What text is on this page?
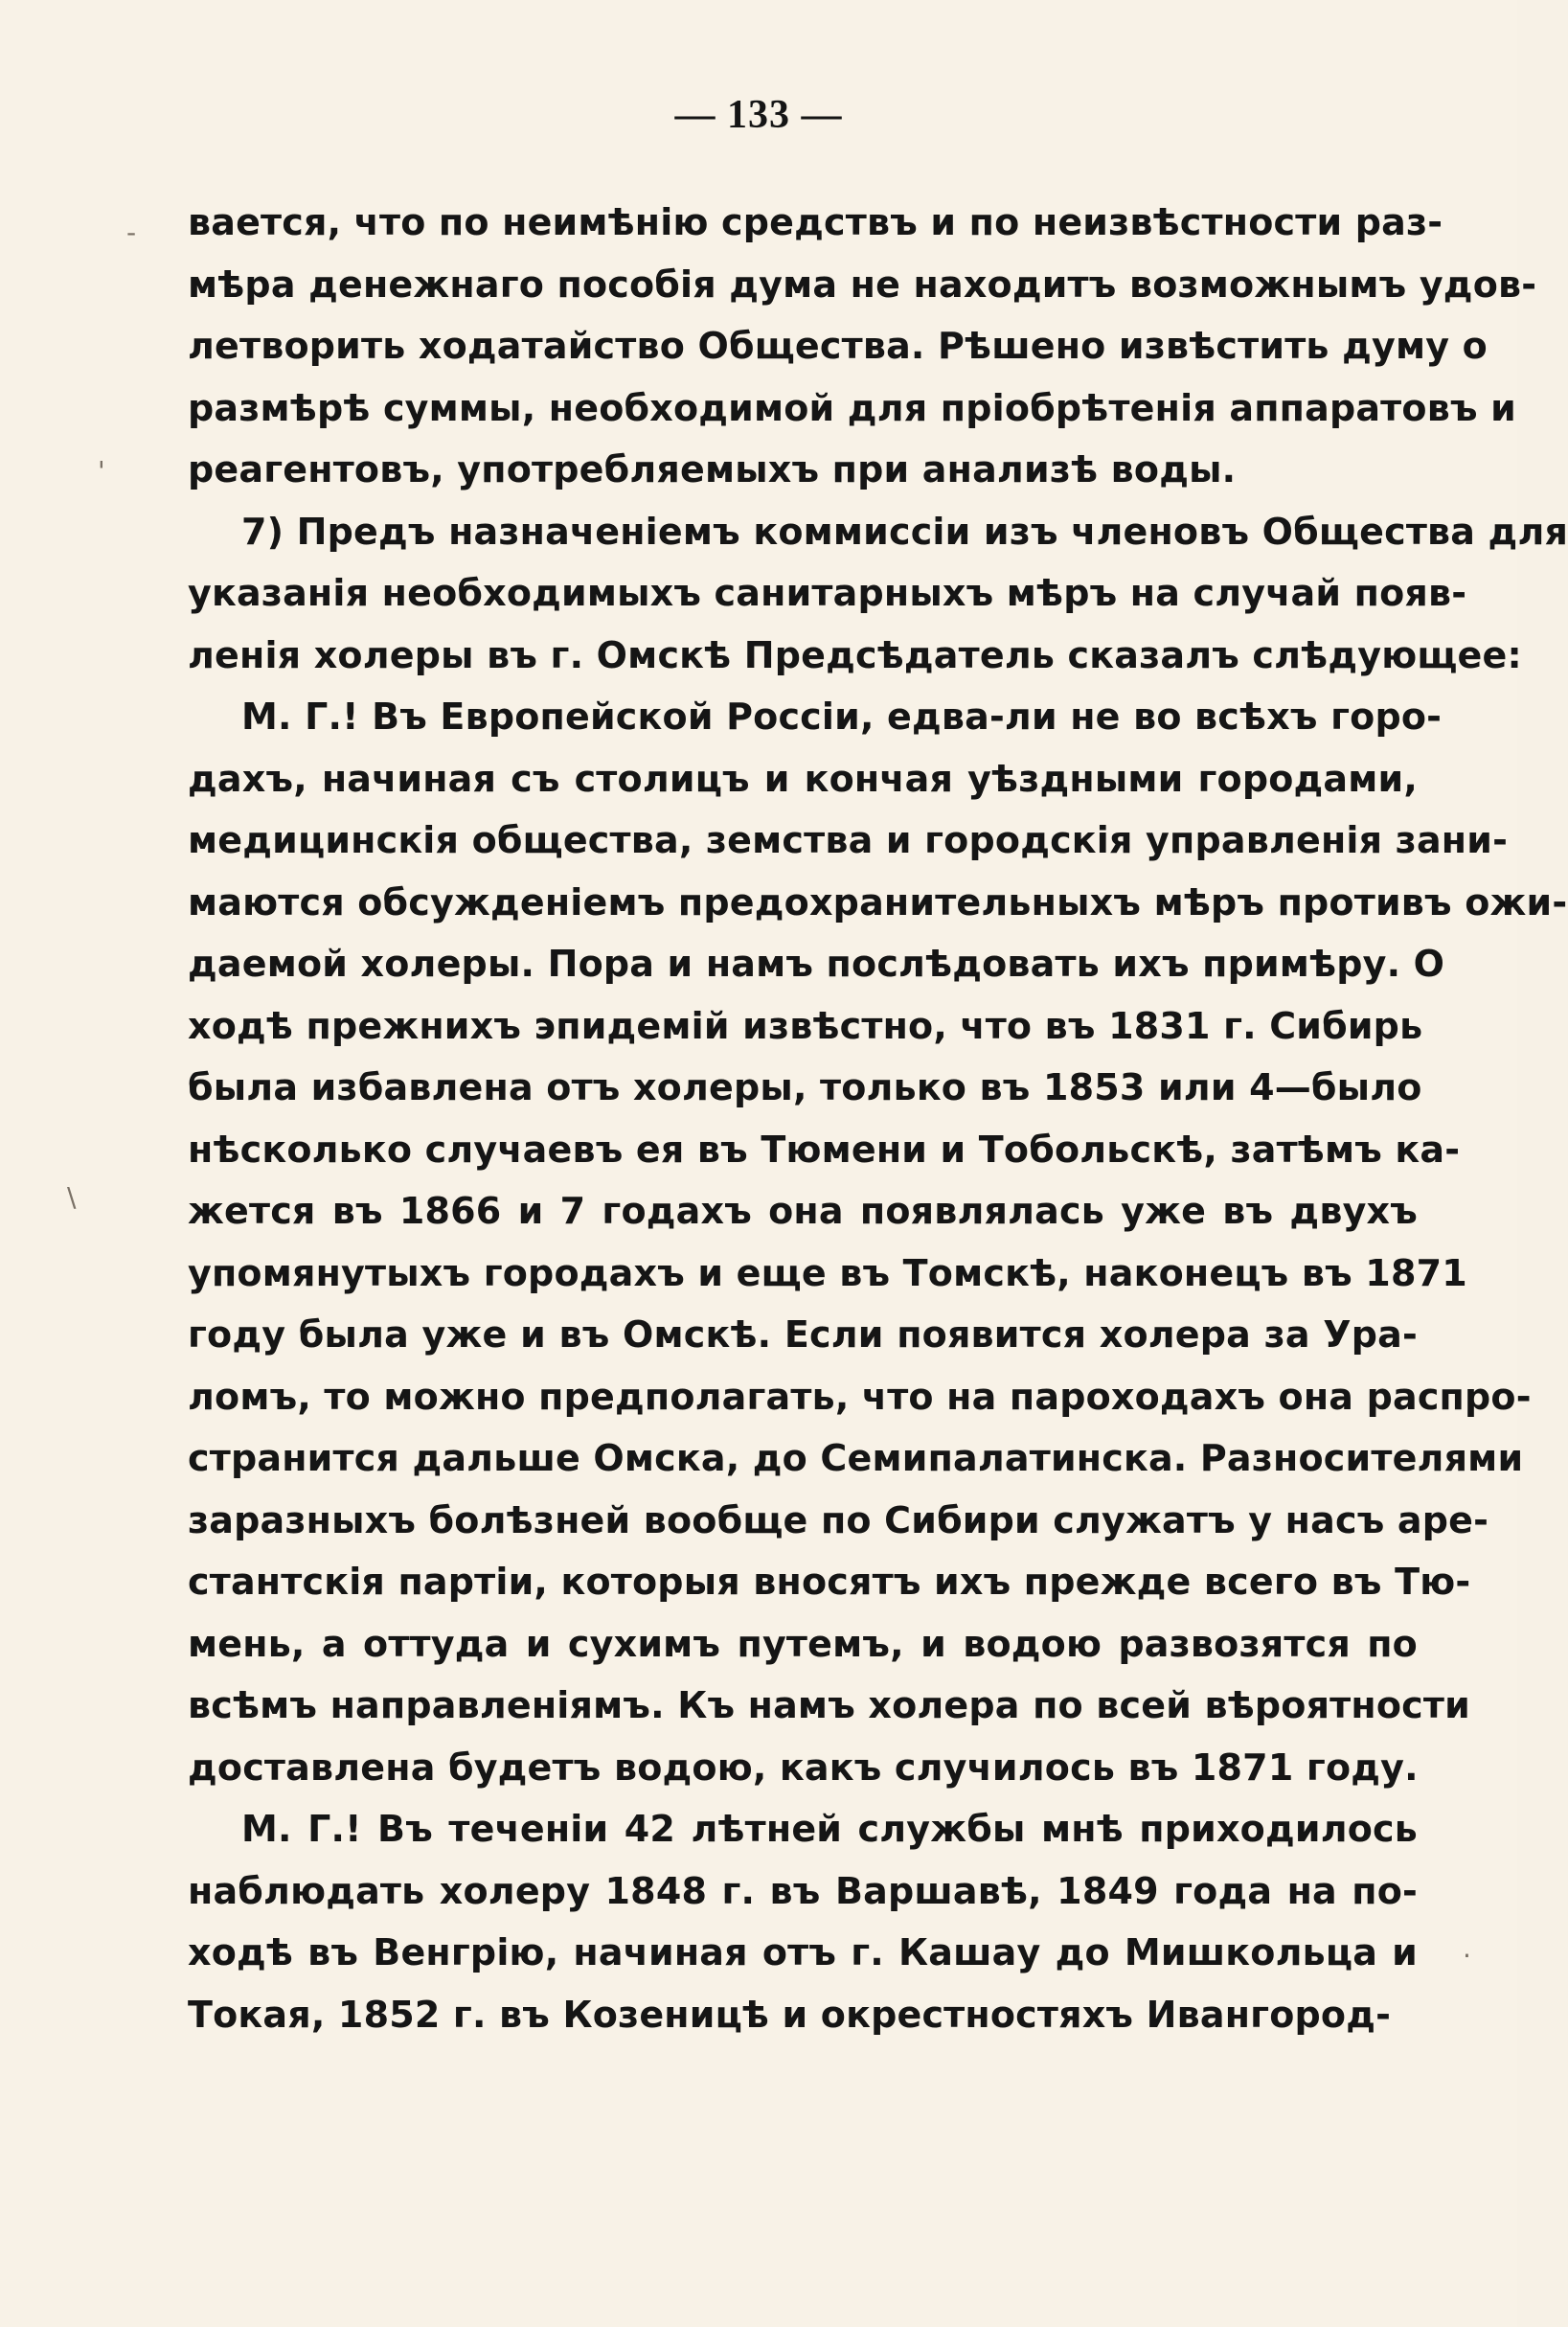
— 133 —
вается, что по неимѣнію средствъ и по неизвѣстности раз-
мѣра денежнаго пособія дума не находитъ возможнымъ удов-
летворить ходатайство Общества. Рѣшено извѣстить думу о
размѣрѣ суммы, необходимой для пріобрѣтенія аппаратовъ и
реагентовъ, употребляемыхъ при анализѣ воды.
7) Предъ назначеніемъ коммиссіи изъ членовъ Общества для
указанія необходимыхъ санитарныхъ мѣръ на случай появ-
ленія холеры въ г. Омскѣ Предсѣдатель сказалъ слѣдующее:
М. Г.! Въ Европейской Россіи, едва-ли не во всѣхъ горо-
дахъ, начиная съ столицъ и кончая уѣздными городами,
медицинскія общества, земства и городскія управленія зани-
маются обсужденіемъ предохранительныхъ мѣръ противъ ожи-
даемой холеры. Пора и намъ послѣдовать ихъ примѣру. О
ходѣ прежнихъ эпидемій извѣстно, что въ 1831 г. Сибирь
была избавлена отъ холеры, только въ 1853 или 4—было
нѣсколько случаевъ ея въ Тюмени и Тобольскѣ, затѣмъ ка-
жется въ 1866 и 7 годахъ она появлялась уже въ двухъ
упомянутыхъ городахъ и еще въ Томскѣ, наконецъ въ 1871
году была уже и въ Омскѣ. Если появится холера за Ура-
ломъ, то можно предполагать, что на пароходахъ она распро-
странится дальше Омска, до Семипалатинска. Разносителями
заразныхъ болѣзней вообще по Сибири служатъ у насъ аре-
стантскія партіи, которыя вносятъ ихъ прежде всего въ Тю-
мень, а оттуда и сухимъ путемъ, и водою развозятся по
всѣмъ направленіямъ. Къ намъ холера по всей вѣроятности
доставлена будетъ водою, какъ случилось въ 1871 году.
М. Г.! Въ теченіи 42 лѣтней службы мнѣ приходилось
наблюдать холеру 1848 г. въ Варшавѣ, 1849 года на по-
ходѣ въ Венгрію, начиная отъ г. Кашау до Мишкольца и
Токая, 1852 г. въ Козеницѣ и окрестностяхъ Ивангород-
-
'
\
·
